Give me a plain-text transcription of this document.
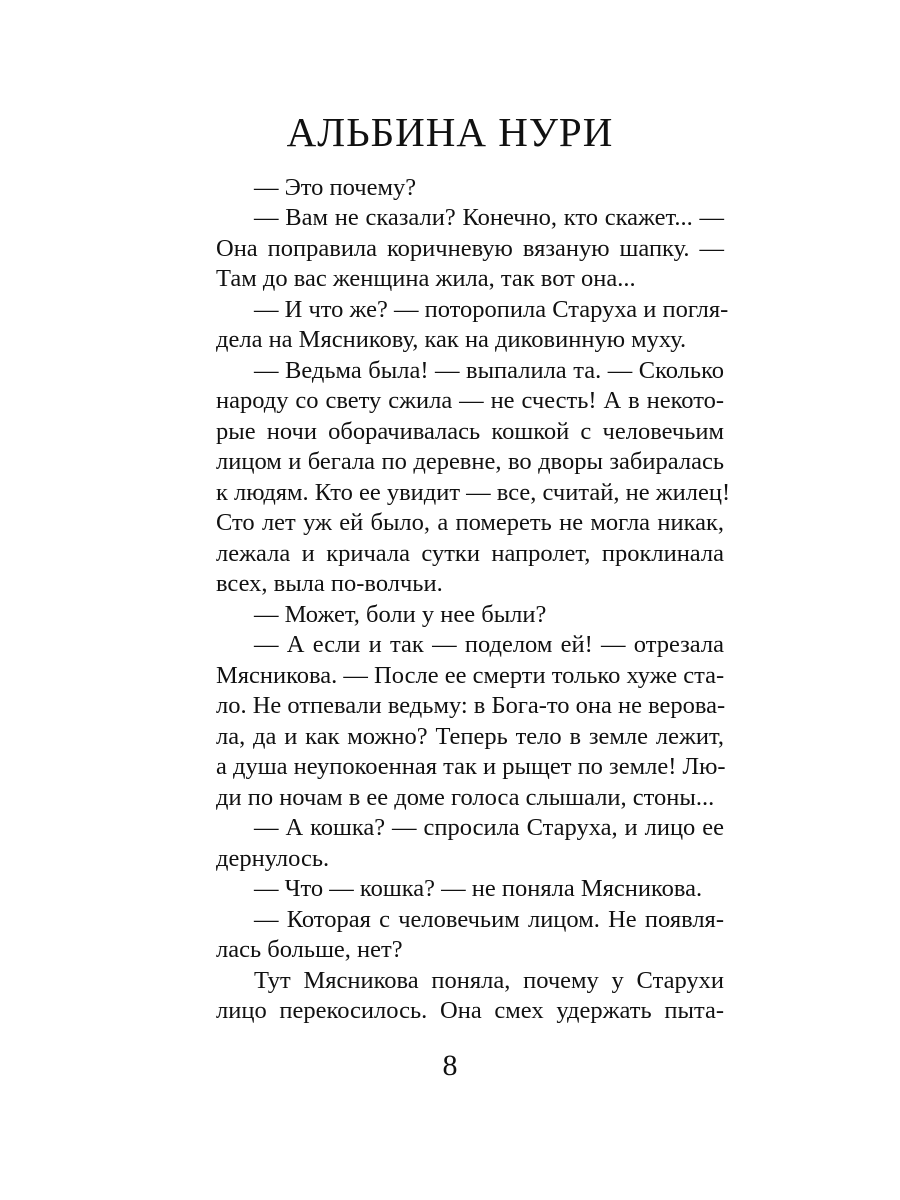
АЛЬБИНА НУРИ
— Это почему?
— Вам не сказали? Конечно, кто скажет... —
Она поправила коричневую вязаную шапку. —
Там до вас женщина жила, так вот она...
— И что же? — поторопила Старуха и погля-
дела на Мясникову, как на диковинную муху.
— Ведьма была! — выпалила та. — Сколько
народу со свету сжила — не счесть! А в некото-
рые ночи оборачивалась кошкой с человечьим
лицом и бегала по деревне, во дворы забиралась
к людям. Кто ее увидит — все, считай, не жилец!
Сто лет уж ей было, а помереть не могла никак,
лежала и кричала сутки напролет, проклинала
всех, выла по-волчьи.
— Может, боли у нее были?
— А если и так — поделом ей! — отрезала
Мясникова. — После ее смерти только хуже ста-
ло. Не отпевали ведьму: в Бога-то она не верова-
ла, да и как можно? Теперь тело в земле лежит,
а душа неупокоенная так и рыщет по земле! Лю-
ди по ночам в ее доме голоса слышали, стоны...
— А кошка? — спросила Старуха, и лицо ее
дернулось.
— Что — кошка? — не поняла Мясникова.
— Которая с человечьим лицом. Не появля-
лась больше, нет?
Тут Мясникова поняла, почему у Старухи
лицо перекосилось. Она смех удержать пыта-
8
